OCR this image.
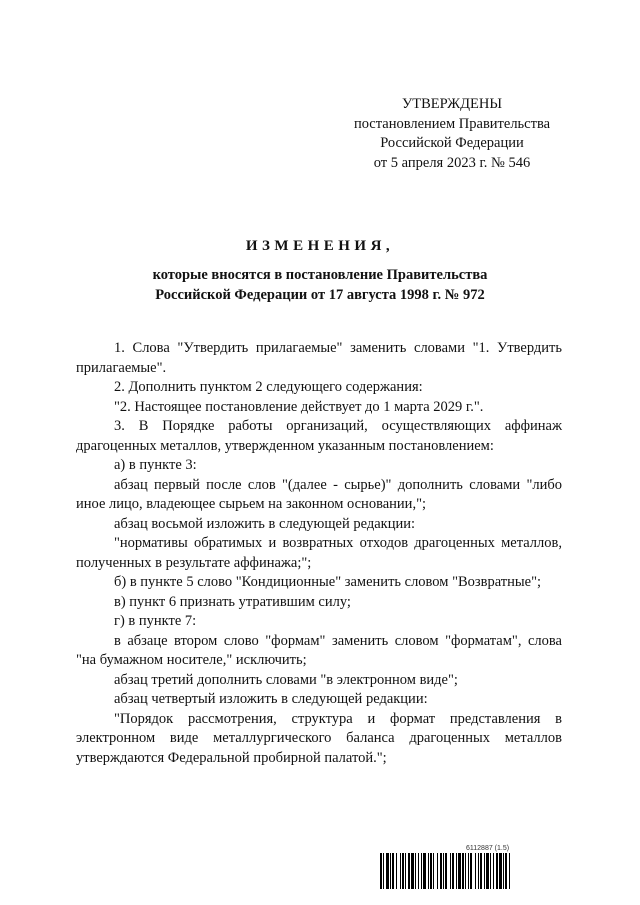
УТВЕРЖДЕНЫ
постановлением Правительства
Российской Федерации
от 5 апреля 2023 г. № 546
ИЗМЕНЕНИЯ,
которые вносятся в постановление Правительства
Российской Федерации от 17 августа 1998 г. № 972

1. Слова "Утвердить прилагаемые" заменить словами "1. Утвердить прилагаемые".

2. Дополнить пунктом 2 следующего содержания:

"2. Настоящее постановление действует до 1 марта 2029 г.".

3. В Порядке работы организаций, осуществляющих аффинаж драгоценных металлов, утвержденном указанным постановлением:

а) в пункте 3:

абзац первый после слов "(далее - сырье)" дополнить словами "либо иное лицо, владеющее сырьем на законном основании,";

абзац восьмой изложить в следующей редакции:

"нормативы обратимых и возвратных отходов драгоценных металлов, полученных в результате аффинажа;";

б) в пункте 5 слово "Кондиционные" заменить словом "Возвратные";

в) пункт 6 признать утратившим силу;

г) в пункте 7:

в абзаце втором слово "формам" заменить словом "форматам", слова "на бумажном носителе," исключить;

абзац третий дополнить словами "в электронном виде";

абзац четвертый изложить в следующей редакции:

"Порядок рассмотрения, структура и формат представления в электронном виде металлургического баланса драгоценных металлов утверждаются Федеральной пробирной палатой.";

6112887 (1.5)
